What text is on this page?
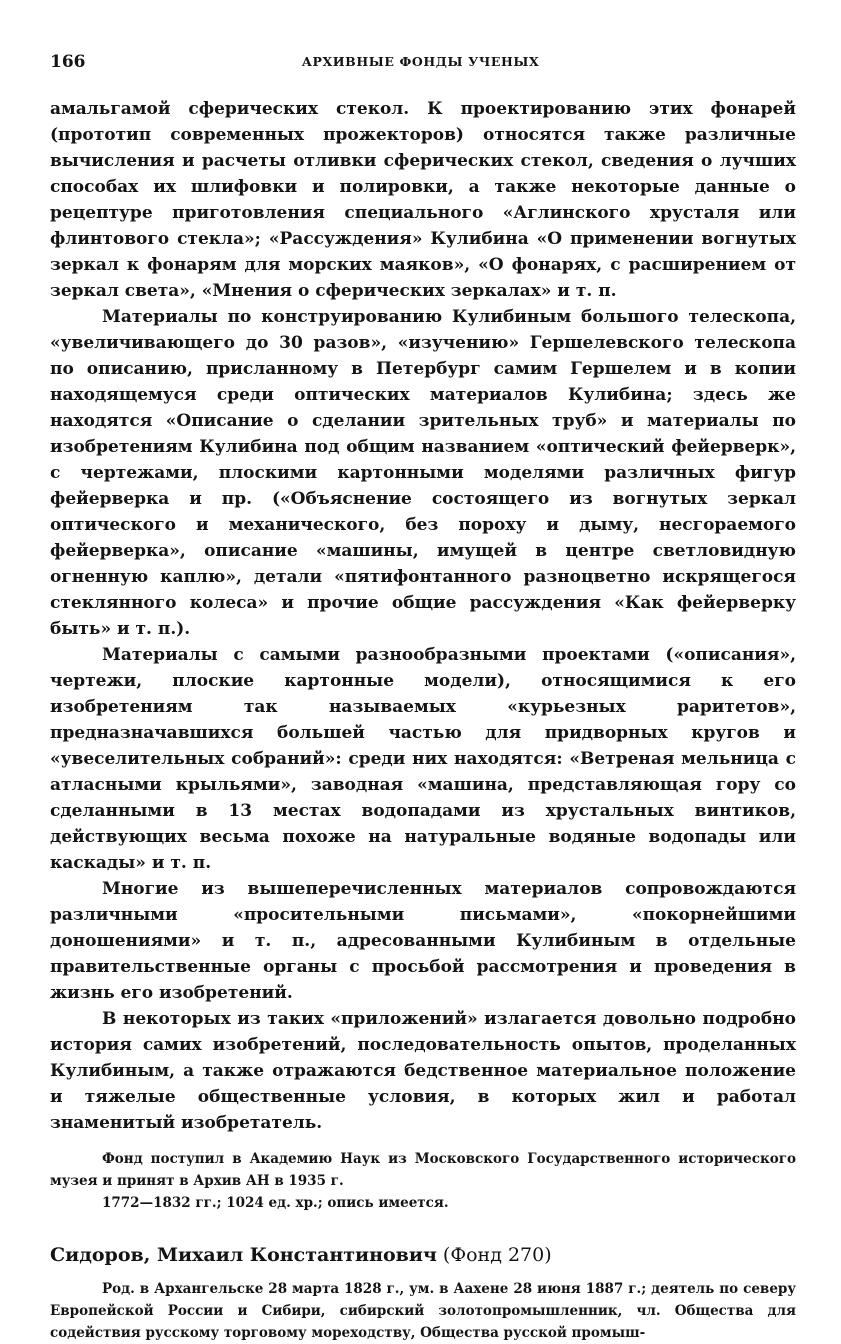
166	АРХИВНЫЕ ФОНДЫ УЧЕНЫХ

амальгамой сферических стекол. К проектированию этих фонарей (прототип современных прожекторов) относятся также различные вычисления и расчеты отливки сферических стекол, сведения о лучших способах их шлифовки и полировки, а также некоторые данные о рецептуре приготовления специального «Аглинского хрусталя или флинтового стекла»; «Рассуждения» Кулибина «О применении вогнутых зеркал к фонарям для морских маяков», «О фонарях, с расширением от зеркал света», «Мнения о сферических зеркалах» и т. п.

Материалы по конструированию Кулибиным большого телескопа, «увеличивающего до 30 разов», «изучению» Гершелевского телескопа по описанию, присланному в Петербург самим Гершелем и в копии находящемуся среди оптических материалов Кулибина; здесь же находятся «Описание о сделании зрительных труб» и материалы по изобретениям Кулибина под общим названием «оптический фейерверк», с чертежами, плоскими картонными моделями различных фигур фейерверка и пр. («Объяснение состоящего из вогнутых зеркал оптического и механического, без пороху и дыму, несгораемого фейерверка», описание «машины, имущей в центре светловидную огненную каплю», детали «пятифонтанного разноцветно искрящегося стеклянного колеса» и прочие общие рассуждения «Как фейерверку быть» и т. п.).

Материалы с самыми разнообразными проектами («описания», чертежи, плоские картонные модели), относящимися к его изобретениям так называемых «курьезных раритетов», предназначавшихся большей частью для придворных кругов и «увеселительных собраний»: среди них находятся: «Ветреная мельница с атласными крыльями», заводная «машина, представляющая гору со сделанными в 13 местах водопадами из хрустальных винтиков, действующих весьма похоже на натуральные водяные водопады или каскады» и т. п.

Многие из вышеперечисленных материалов сопровождаются различными «просительными письмами», «покорнейшими доношениями» и т. п., адресованными Кулибиным в отдельные правительственные органы с просьбой рассмотрения и проведения в жизнь его изобретений.

В некоторых из таких «приложений» излагается довольно подробно история самих изобретений, последовательность опытов, проделанных Кулибиным, а также отражаются бедственное материальное положение и тяжелые общественные условия, в которых жил и работал знаменитый изобретатель.

Фонд поступил в Академию Наук из Московского Государственного исторического музея и принят в Архив АН в 1935 г.

1772—1832 гг.; 1024 ед. хр.; опись имеется.

Сидоров, Михаил Константинович (Фонд 270)

Род. в Архангельске 28 марта 1828 г., ум. в Аахене 28 июня 1887 г.; деятель по северу Европейской России и Сибири, сибирский золотопромышленник, чл. Общества для содействия русскому торговому мореходству, Общества русской промыш-
